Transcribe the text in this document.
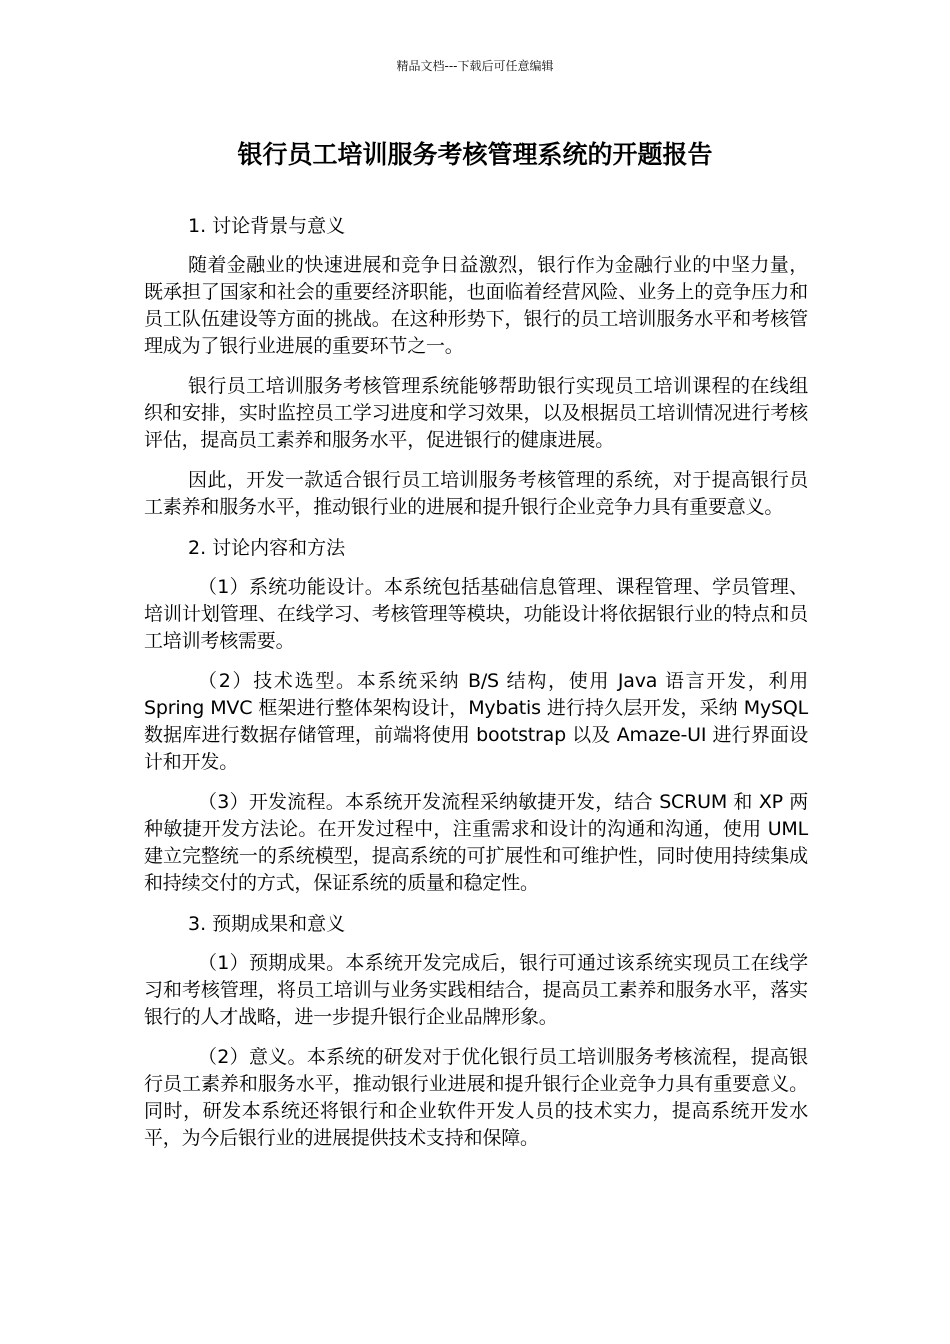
精品文档---下载后可任意编辑
银行员工培训服务考核管理系统的开题报告

1. 讨论背景与意义

随着金融业的快速进展和竞争日益激烈，银行作为金融行业的中坚力量，既承担了国家和社会的重要经济职能，也面临着经营风险、业务上的竞争压力和员工队伍建设等方面的挑战。在这种形势下，银行的员工培训服务水平和考核管理成为了银行业进展的重要环节之一。

银行员工培训服务考核管理系统能够帮助银行实现员工培训课程的在线组织和安排，实时监控员工学习进度和学习效果，以及根据员工培训情况进行考核评估，提高员工素养和服务水平，促进银行的健康进展。

因此，开发一款适合银行员工培训服务考核管理的系统，对于提高银行员工素养和服务水平，推动银行业的进展和提升银行企业竞争力具有重要意义。

2. 讨论内容和方法

（1）系统功能设计。本系统包括基础信息管理、课程管理、学员管理、培训计划管理、在线学习、考核管理等模块，功能设计将依据银行业的特点和员工培训考核需要。

（2）技术选型。本系统采纳 B/S 结构，使用 Java 语言开发，利用 Spring MVC 框架进行整体架构设计，Mybatis 进行持久层开发，采纳 MySQL 数据库进行数据存储管理，前端将使用 bootstrap 以及 Amaze-UI 进行界面设计和开发。

（3）开发流程。本系统开发流程采纳敏捷开发，结合 SCRUM 和 XP 两种敏捷开发方法论。在开发过程中，注重需求和设计的沟通和沟通，使用 UML 建立完整统一的系统模型，提高系统的可扩展性和可维护性，同时使用持续集成和持续交付的方式，保证系统的质量和稳定性。

3. 预期成果和意义

（1）预期成果。本系统开发完成后，银行可通过该系统实现员工在线学习和考核管理，将员工培训与业务实践相结合，提高员工素养和服务水平，落实银行的人才战略，进一步提升银行企业品牌形象。

（2）意义。本系统的研发对于优化银行员工培训服务考核流程，提高银行员工素养和服务水平，推动银行业进展和提升银行企业竞争力具有重要意义。同时，研发本系统还将银行和企业软件开发人员的技术实力，提高系统开发水平，为今后银行业的进展提供技术支持和保障。
